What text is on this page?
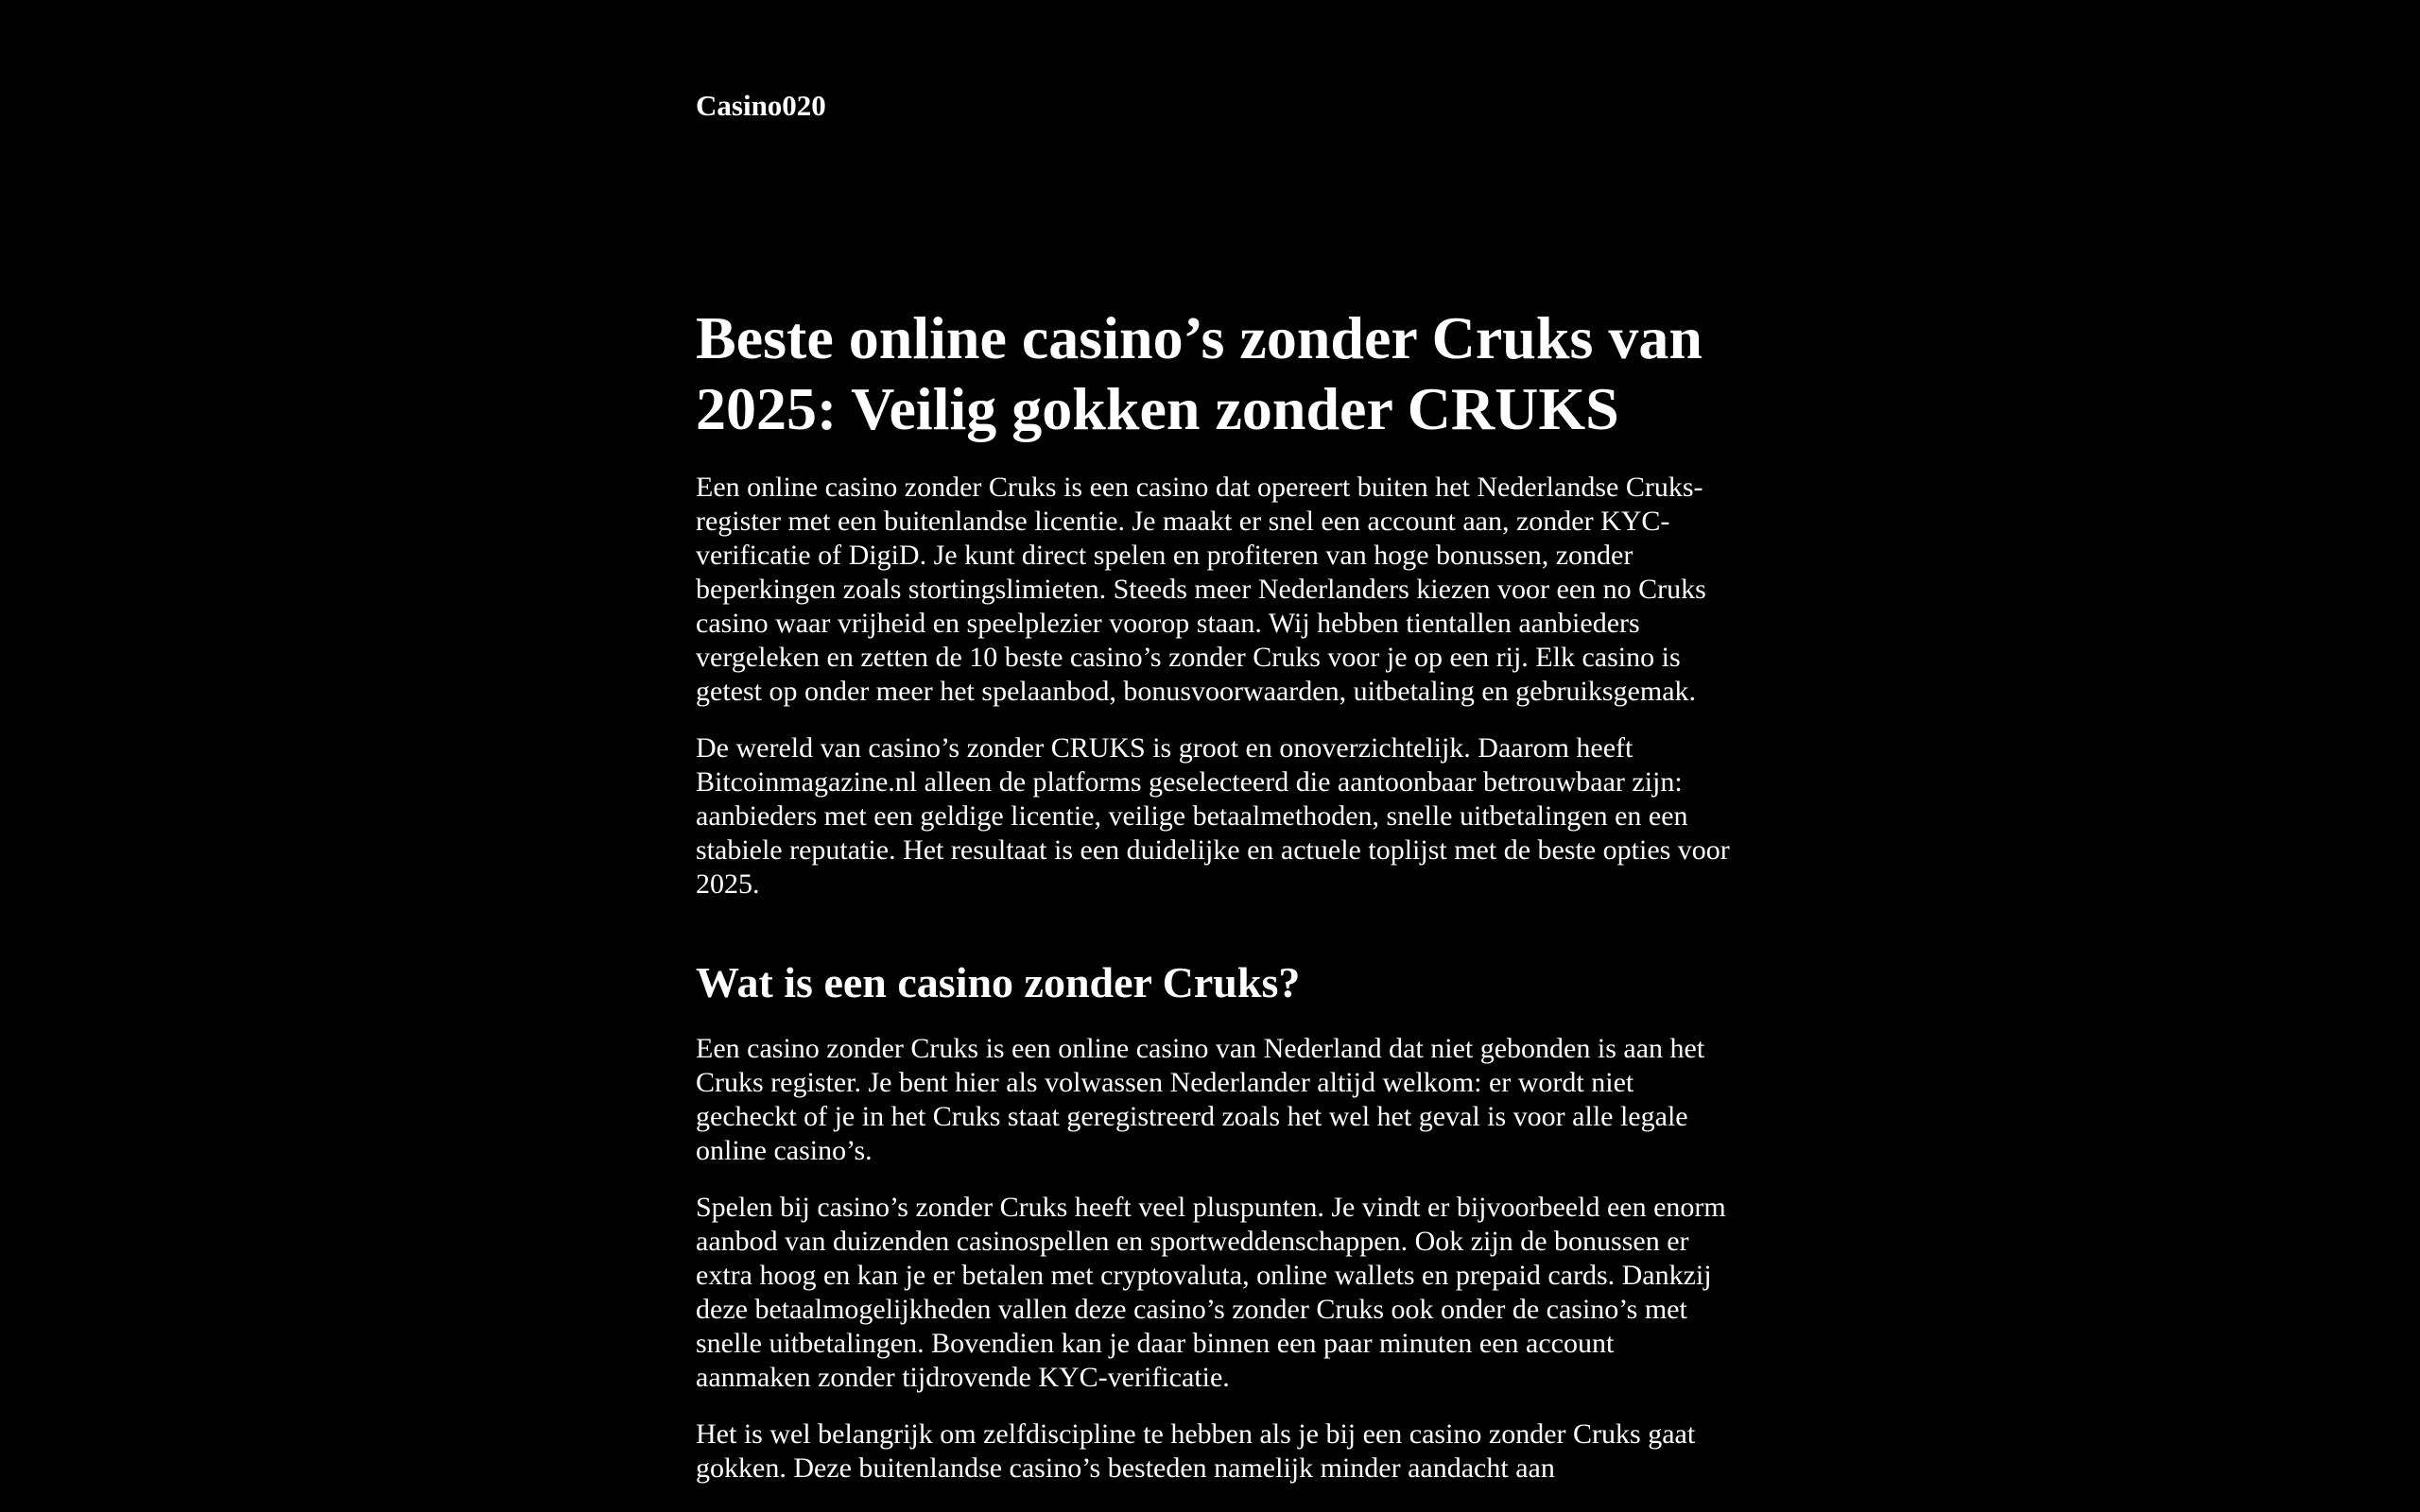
Casino020
Beste online casino’s zonder Cruks van 2025: Veilig gokken zonder CRUKS

Een online casino zonder Cruks is een casino dat opereert buiten het Nederlandse Cruks-register met een buitenlandse licentie. Je maakt er snel een account aan, zonder KYC-verificatie of DigiD. Je kunt direct spelen en profiteren van hoge bonussen, zonder beperkingen zoals stortingslimieten. Steeds meer Nederlanders kiezen voor een no Cruks casino waar vrijheid en speelplezier voorop staan. Wij hebben tientallen aanbieders vergeleken en zetten de 10 beste casino’s zonder Cruks voor je op een rij. Elk casino is getest op onder meer het spelaanbod, bonusvoorwaarden, uitbetaling en gebruiksgemak.

De wereld van casino’s zonder CRUKS is groot en onoverzichtelijk. Daarom heeft Bitcoinmagazine.nl alleen de platforms geselecteerd die aantoonbaar betrouwbaar zijn: aanbieders met een geldige licentie, veilige betaalmethoden, snelle uitbetalingen en een stabiele reputatie. Het resultaat is een duidelijke en actuele toplijst met de beste opties voor 2025.

Wat is een casino zonder Cruks?

Een casino zonder Cruks is een online casino van Nederland dat niet gebonden is aan het Cruks register. Je bent hier als volwassen Nederlander altijd welkom: er wordt niet gecheckt of je in het Cruks staat geregistreerd zoals het wel het geval is voor alle legale online casino’s.

Spelen bij casino’s zonder Cruks heeft veel pluspunten. Je vindt er bijvoorbeeld een enorm aanbod van duizenden casinospellen en sportweddenschappen. Ook zijn de bonussen er extra hoog en kan je er betalen met cryptovaluta, online wallets en prepaid cards. Dankzij deze betaalmogelijkheden vallen deze casino’s zonder Cruks ook onder de casino’s met snelle uitbetalingen. Bovendien kan je daar binnen een paar minuten een account aanmaken zonder tijdrovende KYC-verificatie.

Het is wel belangrijk om zelfdiscipline te hebben als je bij een casino zonder Cruks gaat gokken. Deze buitenlandse casino’s besteden namelijk minder aandacht aan
